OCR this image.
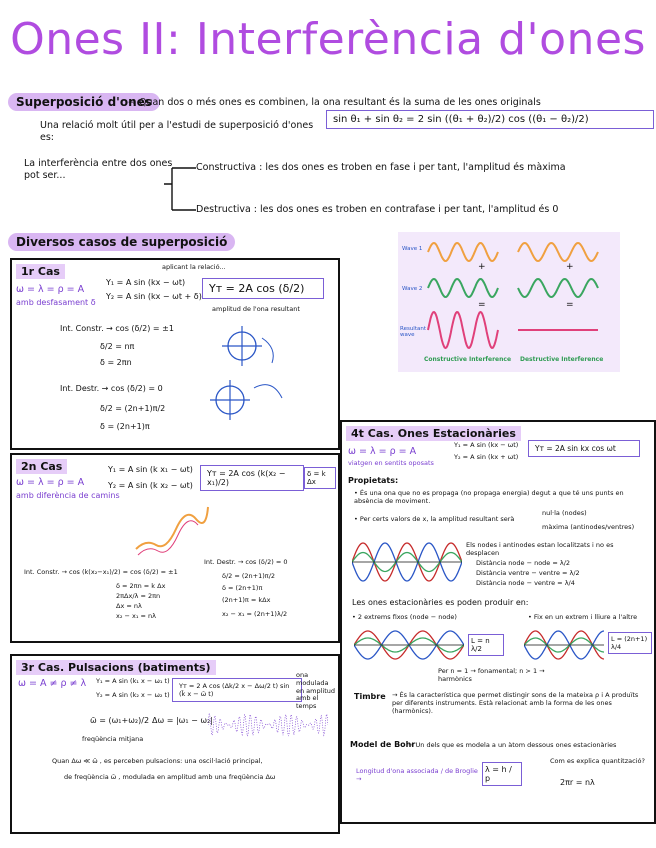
Ones II: Interferència d'ones
Superposició d'ones
→ Quan dos o més ones es combinen, la ona resultant és la suma de les ones originals
Una relació molt útil per a l'estudi de superposició d'ones es:
sin θ₁ + sin θ₂ = 2 sin ((θ₁ + θ₂)/2) cos ((θ₁ − θ₂)/2)
La interferència entre dos ones pot ser...
Constructiva : les dos ones es troben en fase i per tant, l'amplitud és màxima
Destructiva : les dos ones es troben en contrafase i per tant, l'amplitud és 0
Diversos casos de superposició	Wave 1
Wave 2
Resultant wave
+	+
=	=
Constructive Interference Destructive Interference
1r Cas
ω = λ = ρ = A
amb desfasament δ
aplicant la relació...
Y₁ = A sin (kx − ωt)
Y₂ = A sin (kx − ωt + δ)
Yт = 2A cos (δ/2)
amplitud de l'ona resultant
Int. Constr. → cos (δ/2) = ±1
δ/2 = nπ
δ = 2πn
Int. Destr. → cos (δ/2) = 0
δ/2 = (2n+1)π/2
δ = (2n+1)π
2n Cas
ω = λ = ρ = A
amb diferència de camins
Y₁ = A sin (k x₁ − ωt)
Y₂ = A sin (k x₂ − ωt)
Yт = 2A cos (k(x₂ − x₁)/2)
δ = k Δx
Int. Constr. → cos (k(x₂−x₁)/2) = cos (δ/2) = ±1
δ = 2πn = k Δx
2πΔx/λ = 2πn
Δx = nλ
x₂ − x₁ = nλ
Int. Destr. → cos (δ/2) = 0
δ/2 = (2n+1)π/2
δ = (2n+1)π
(2n+1)π = kΔx
x₂ − x₁ = (2n+1)λ/2
3r Cas. Pulsacions (batiments)
ω = A ≠ ρ ≠ λ Y₁ = A sin (k₁ x − ω₁ t)
Y₂ = A sin (k₂ x − ω₂ t)
Yт = 2 A cos (Δk/2 x − Δω/2 t) sin (k̄ x − ω̄ t)
ona modulada en amplitud amb el temps
ω̄ = (ω₁+ω₂)/2 Δω = |ω₁ − ω₂|
freqüència mitjana
Quan Δω ≪ ω̄ , es perceben pulsacions: una oscil·lació principal,
de freqüència ω̄ , modulada en amplitud amb una freqüència Δω
4t Cas. Ones Estacionàries
ω = λ = ρ = A
viatgen en sentits oposats
Y₁ = A sin (kx − ωt)
Y₂ = A sin (kx + ωt)
Yт = 2A sin kx cos ωt
Propietats:
• És una ona que no es propaga (no propaga energia) degut a que té uns punts en absència de moviment.
• Per certs valors de x, la amplitud resultant serà
nul·la (nodes)
màxima (antinodes/ventres)
Els nodes i antinodes estan localitzats i no es desplacen
Distància node − node = λ/2
Distància ventre − ventre = λ/2
Distància node − ventre = λ/4
Les ones estacionàries es poden produir en:
• 2 extrems fixos (node − node)	• Fix en un extrem i lliure a l'altre
L = n λ/2
L = (2n+1) λ/4
Per n = 1 → fonamental; n > 1 → harmònics
Timbre → És la característica que permet distingir sons de la mateixa ρ i A produïts per diferents instruments. Està relacionat amb la forma de les ones (harmònics).
Model de Bohr
→ Un dels que es modela a un àtom dessous ones estacionàries
Longitud d'ona associada / de Broglie →
λ = h / p
Com es explica quantització?
2πr = nλ
